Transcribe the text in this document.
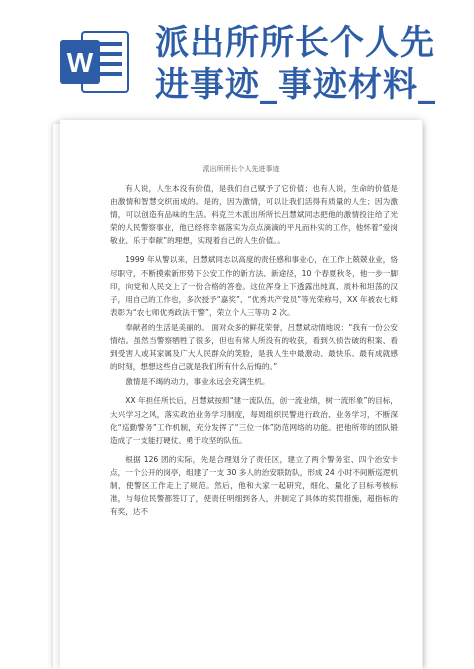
W 派出所所长个人先进事迹_事迹材料_
派出所所长个人先进事迹

有人说，人生本没有价值，是我们自己赋予了它价值；也有人说，生命的价值是由激情和智慧交织而成的。是的，因为激情，可以让我们活得有质量的人生；因为激情，可以创造有品味的生活。科克兰木派出所所长吕慧斌同志把他的激情投注给了光荣的人民警察事业，他已经将幸福落实为点点滴滴的平凡而朴实的工作，他怀着“爱岗敬业、乐于奉献”的理想，实现着自己的人生价值。。

1999 年从警以来，吕慧斌同志以高度的责任感和事业心，在工作上兢兢业业，恪尽职守，不断摸索新形势下公安工作的新方法、新途径，10 个春夏秋冬，他一步一脚印，向党和人民交上了一份合格的答卷。这位浑身上下透露出纯真、质朴和坦荡的汉子，用自己的工作也，多次授予“嘉奖”、“优秀共产党员”等光荣称号，XX 年被农七师表彰为“农七师优秀政法干警”，荣立个人三等功 2 次。

奉献者的生活是美丽的。 面对众多的鲜花荣誉，吕慧斌动情地说：“我有一份公安情结。虽然当警察牺牲了很多，但也有常人所没有的收获，看到久侦告破的积案、看到受害人或其家属及广大人民群众的笑脸，是我人生中最激动、最快乐、最有成就感的时刻，想想这些自己就是我们所有什么后悔的。”

激情是不竭的动力，事业永远会充满生机。

XX 年担任所长后，吕慧斌按照“建一流队伍，创一流业绩，树一流形象”的目标，大兴学习之风，落实政治业务学习制度，每周组织民警进行政治、业务学习，不断深化“巡勤警务”工作机制，充分发挥了“三位一体”防范网络的功能。把他所带的团队锻造成了一支能打硬仗、勇于攻坚的队伍。

根据 126 团的实际，先是合理划分了责任区，建立了两个警务室、四个治安卡点，一个公开的岗亭，组建了一支 30 多人的治安联防队，形成 24 小时不间断巡逻机制，使警区工作走上了规范。然后，他和大家一起研究，细化、量化了目标考核标准，与每位民警都签订了，使责任明细到各人，并制定了具体的奖罚措施，超指标的有奖，达不
